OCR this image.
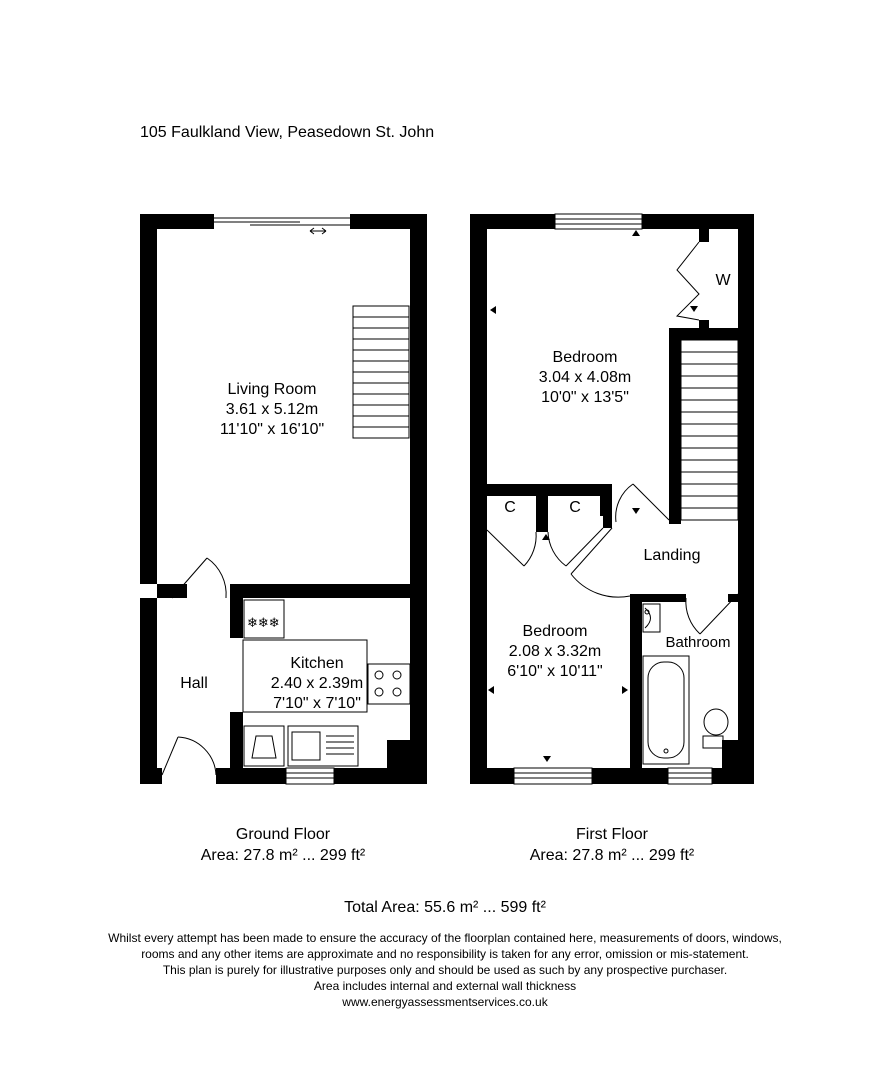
105 Faulkland View, Peasedown St. John
❄❄❄
Living Room
3.61 x 5.12m
11'10" x 16'10"
Kitchen
2.40 x 2.39m
7'10" x 7'10"
Hall
Bedroom
3.04 x 4.08m
10'0" x 13'5"
Bedroom
2.08 x 3.32m
6'10" x 10'11"
Landing
Bathroom
W
C	C
Ground Floor
Area: 27.8 m² ... 299 ft²
First Floor
Area: 27.8 m² ... 299 ft²
Total Area: 55.6 m² ... 599 ft²
Whilst every attempt has been made to ensure the accuracy of the floorplan contained here, measurements of doors, windows,
rooms and any other items are approximate and no responsibility is taken for any error, omission or mis-statement.
This plan is purely for illustrative purposes only and should be used as such by any prospective purchaser.
Area includes internal and external wall thickness
www.energyassessmentservices.co.uk
